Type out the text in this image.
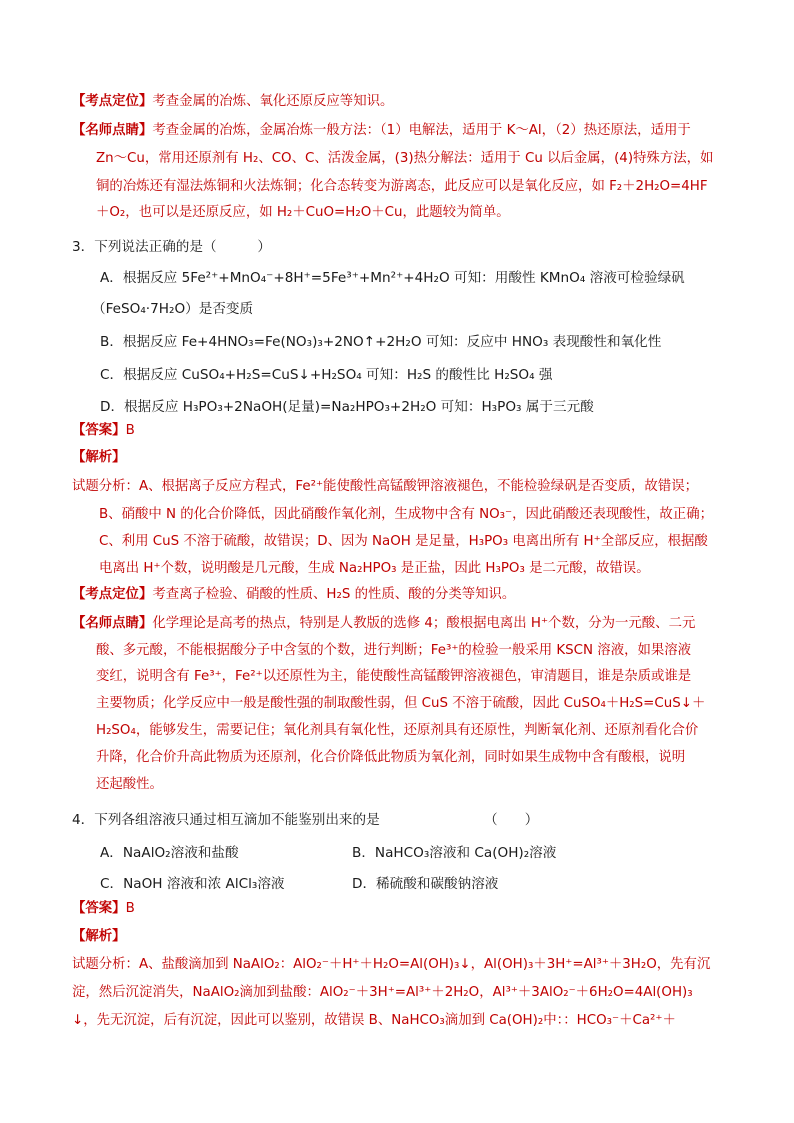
【考点定位】考查金属的冶炼、氧化还原反应等知识。
【名师点睛】考查金属的冶炼，金属冶炼一般方法：（1）电解法，适用于 K～Al，（2）热还原法，适用于
Zn～Cu，常用还原剂有 H₂、CO、C、活泼金属，(3)热分解法：适用于 Cu 以后金属，(4)特殊方法，如
铜的冶炼还有湿法炼铜和火法炼铜；化合态转变为游离态，此反应可以是氧化反应，如 F₂＋2H₂O=4HF
＋O₂，也可以是还原反应，如 H₂＋CuO=H₂O＋Cu，此题较为简单。
3．下列说法正确的是（　　　）
A．根据反应 5Fe²⁺+MnO₄⁻+8H⁺=5Fe³⁺+Mn²⁺+4H₂O 可知：用酸性 KMnO₄ 溶液可检验绿矾
（FeSO₄·7H₂O）是否变质
B．根据反应 Fe+4HNO₃=Fe(NO₃)₃+2NO↑+2H₂O 可知：反应中 HNO₃ 表现酸性和氧化性
C．根据反应 CuSO₄+H₂S=CuS↓+H₂SO₄ 可知：H₂S 的酸性比 H₂SO₄ 强
D．根据反应 H₃PO₃+2NaOH(足量)=Na₂HPO₃+2H₂O 可知：H₃PO₃ 属于三元酸
【答案】B
【解析】
试题分析：A、根据离子反应方程式，Fe²⁺能使酸性高锰酸钾溶液褪色，不能检验绿矾是否变质，故错误；
B、硝酸中 N 的化合价降低，因此硝酸作氧化剂，生成物中含有 NO₃⁻，因此硝酸还表现酸性，故正确；
C、利用 CuS 不溶于硫酸，故错误；D、因为 NaOH 是足量，H₃PO₃ 电离出所有 H⁺全部反应，根据酸
电离出 H⁺个数，说明酸是几元酸，生成 Na₂HPO₃ 是正盐，因此 H₃PO₃ 是二元酸，故错误。
【考点定位】考查离子检验、硝酸的性质、H₂S 的性质、酸的分类等知识。
【名师点睛】化学理论是高考的热点，特别是人教版的选修 4；酸根据电离出 H⁺个数，分为一元酸、二元
酸、多元酸，不能根据酸分子中含氢的个数，进行判断；Fe³⁺的检验一般采用 KSCN 溶液，如果溶液
变红，说明含有 Fe³⁺，Fe²⁺以还原性为主，能使酸性高锰酸钾溶液褪色，审清题目，谁是杂质或谁是
主要物质；化学反应中一般是酸性强的制取酸性弱，但 CuS 不溶于硫酸，因此 CuSO₄＋H₂S=CuS↓＋
H₂SO₄，能够发生，需要记住；氧化剂具有氧化性，还原剂具有还原性，判断氧化剂、还原剂看化合价
升降，化合价升高此物质为还原剂，化合价降低此物质为氧化剂，同时如果生成物中含有酸根，说明
还起酸性。
4．下列各组溶液只通过相互滴加不能鉴别出来的是	（　　）
A．NaAlO₂溶液和盐酸	B．NaHCO₃溶液和 Ca(OH)₂溶液
C．NaOH 溶液和浓 AlCl₃溶液	D．稀硫酸和碳酸钠溶液
【答案】B
【解析】
试题分析：A、盐酸滴加到 NaAlO₂：AlO₂⁻＋H⁺＋H₂O=Al(OH)₃↓，Al(OH)₃＋3H⁺=Al³⁺＋3H₂O，先有沉
淀，然后沉淀消失，NaAlO₂滴加到盐酸：AlO₂⁻＋3H⁺=Al³⁺＋2H₂O，Al³⁺＋3AlO₂⁻＋6H₂O=4Al(OH)₃
↓，先无沉淀，后有沉淀，因此可以鉴别，故错误 B、NaHCO₃滴加到 Ca(OH)₂中：：HCO₃⁻＋Ca²⁺＋
